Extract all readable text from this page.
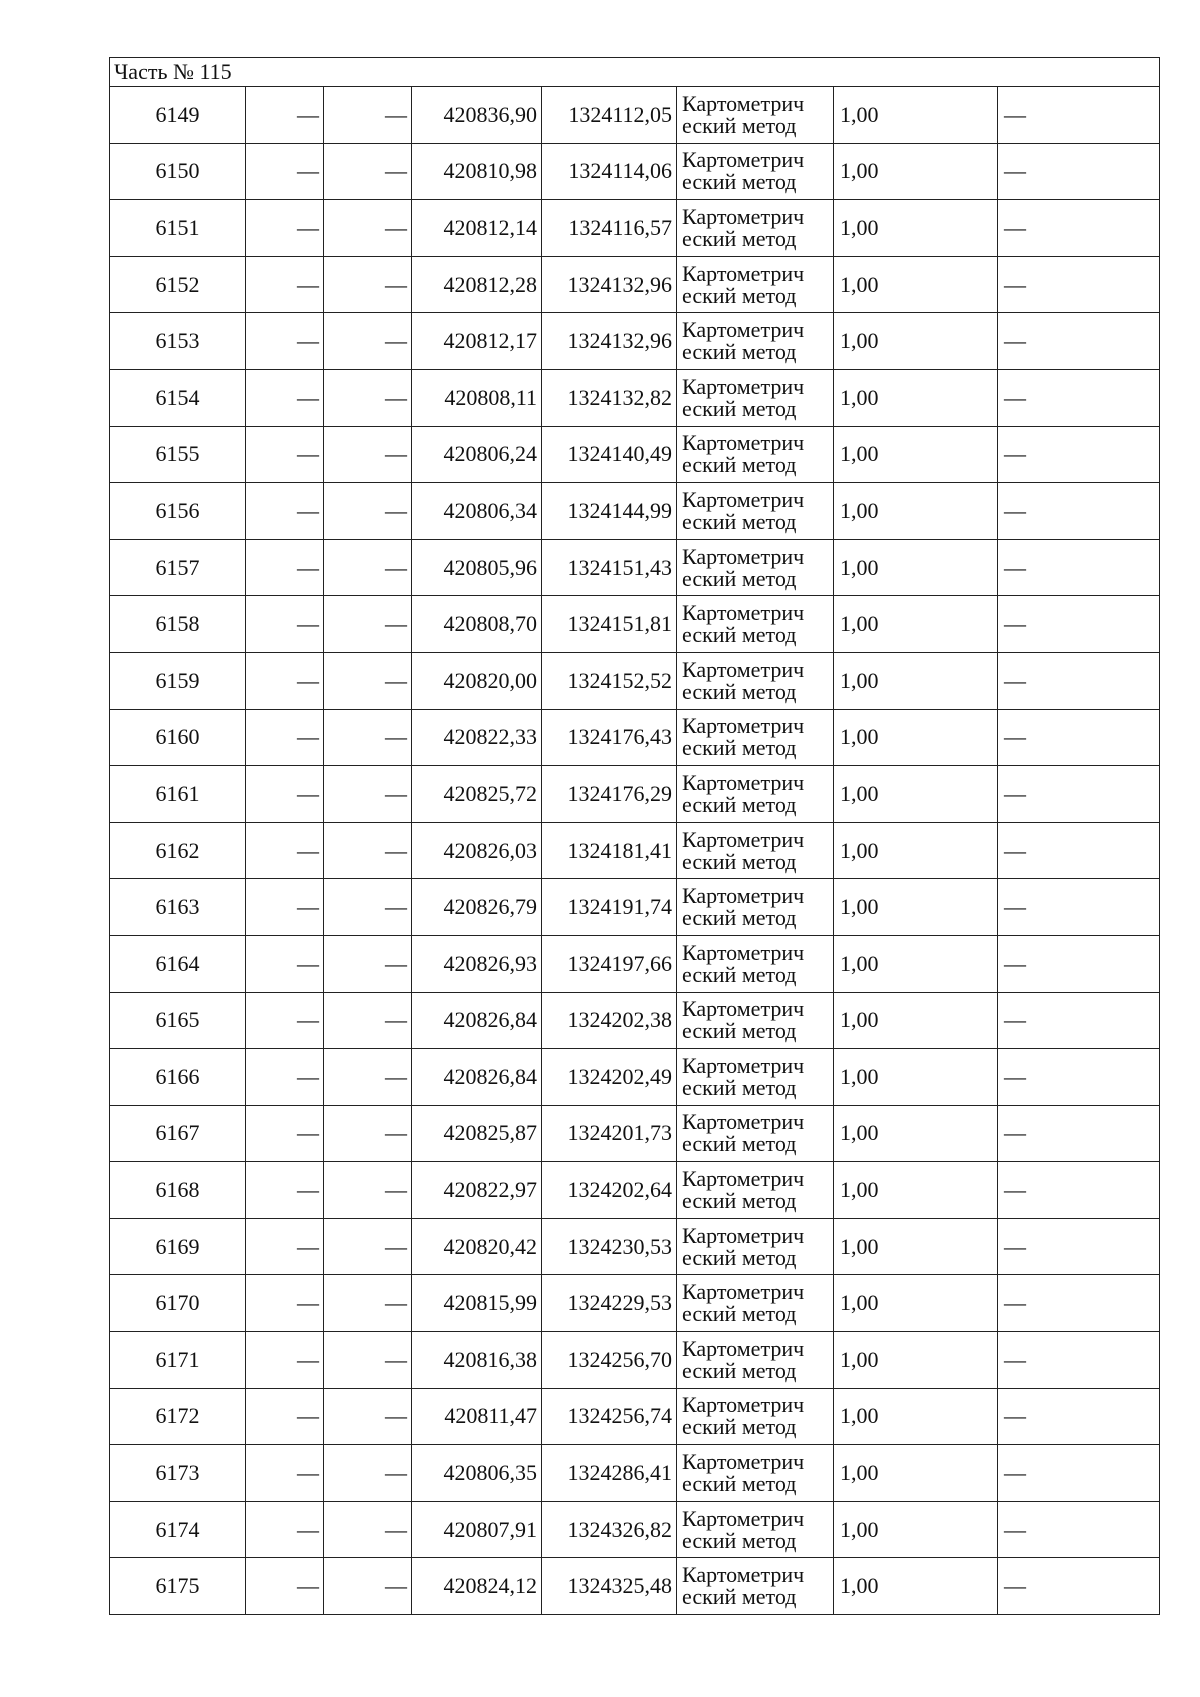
Часть № 115							
6149	—	—	420836,90	1324112,05	Картометрич
еский метод	1,00	—
6150	—	—	420810,98	1324114,06	Картометрич
еский метод	1,00	—
6151	—	—	420812,14	1324116,57	Картометрич
еский метод	1,00	—
6152	—	—	420812,28	1324132,96	Картометрич
еский метод	1,00	—
6153	—	—	420812,17	1324132,96	Картометрич
еский метод	1,00	—
6154	—	—	420808,11	1324132,82	Картометрич
еский метод	1,00	—
6155	—	—	420806,24	1324140,49	Картометрич
еский метод	1,00	—
6156	—	—	420806,34	1324144,99	Картометрич
еский метод	1,00	—
6157	—	—	420805,96	1324151,43	Картометрич
еский метод	1,00	—
6158	—	—	420808,70	1324151,81	Картометрич
еский метод	1,00	—
6159	—	—	420820,00	1324152,52	Картометрич
еский метод	1,00	—
6160	—	—	420822,33	1324176,43	Картометрич
еский метод	1,00	—
6161	—	—	420825,72	1324176,29	Картометрич
еский метод	1,00	—
6162	—	—	420826,03	1324181,41	Картометрич
еский метод	1,00	—
6163	—	—	420826,79	1324191,74	Картометрич
еский метод	1,00	—
6164	—	—	420826,93	1324197,66	Картометрич
еский метод	1,00	—
6165	—	—	420826,84	1324202,38	Картометрич
еский метод	1,00	—
6166	—	—	420826,84	1324202,49	Картометрич
еский метод	1,00	—
6167	—	—	420825,87	1324201,73	Картометрич
еский метод	1,00	—
6168	—	—	420822,97	1324202,64	Картометрич
еский метод	1,00	—
6169	—	—	420820,42	1324230,53	Картометрич
еский метод	1,00	—
6170	—	—	420815,99	1324229,53	Картометрич
еский метод	1,00	—
6171	—	—	420816,38	1324256,70	Картометрич
еский метод	1,00	—
6172	—	—	420811,47	1324256,74	Картометрич
еский метод	1,00	—
6173	—	—	420806,35	1324286,41	Картометрич
еский метод	1,00	—
6174	—	—	420807,91	1324326,82	Картометрич
еский метод	1,00	—
6175	—	—	420824,12	1324325,48	Картометрич
еский метод	1,00	—
